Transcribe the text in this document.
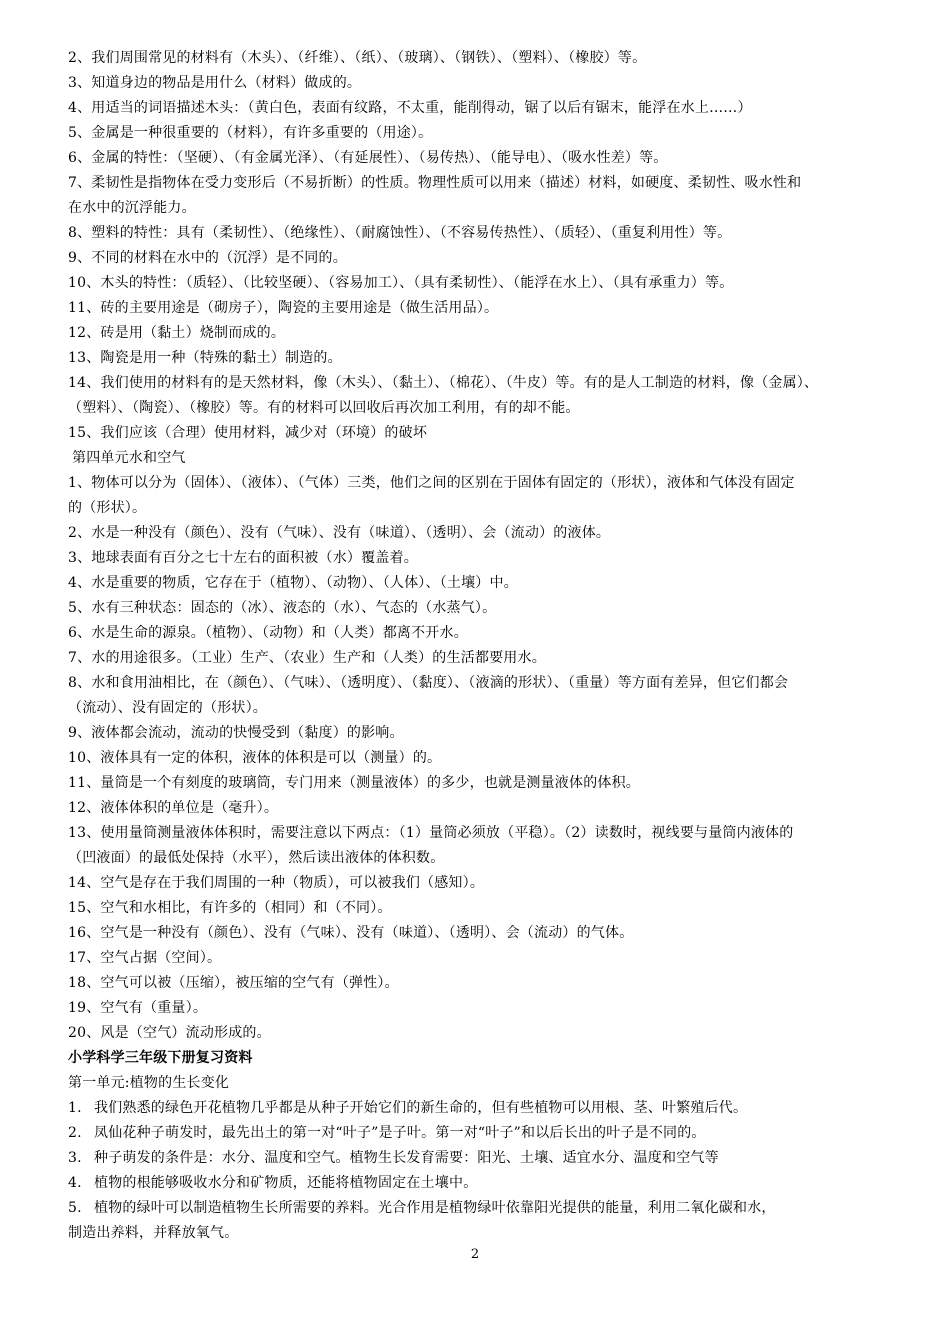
2、我们周围常见的材料有（木头）、（纤维）、（纸）、（玻璃）、（钢铁）、（塑料）、（橡胶）等。
3、知道身边的物品是用什么（材料）做成的。
4、用适当的词语描述木头：（黄白色，表面有纹路，不太重，能削得动，锯了以后有锯末，能浮在水上……）
5、金属是一种很重要的（材料），有许多重要的（用途）。
6、金属的特性：（坚硬）、（有金属光泽）、（有延展性）、（易传热）、（能导电）、（吸水性差）等。
7、柔韧性是指物体在受力变形后（不易折断）的性质。物理性质可以用来（描述）材料，如硬度、柔韧性、吸水性和
在水中的沉浮能力。
8、塑料的特性：具有（柔韧性）、（绝缘性）、（耐腐蚀性）、（不容易传热性）、（质轻）、（重复利用性）等。
9、不同的材料在水中的（沉浮）是不同的。
10、木头的特性：（质轻）、（比较坚硬）、（容易加工）、（具有柔韧性）、（能浮在水上）、（具有承重力）等。
11、砖的主要用途是（砌房子），陶瓷的主要用途是（做生活用品）。
12、砖是用（黏土）烧制而成的。
13、陶瓷是用一种（特殊的黏土）制造的。
14、我们使用的材料有的是天然材料，像（木头）、（黏土）、（棉花）、（牛皮）等。有的是人工制造的材料，像（金属）、
（塑料）、（陶瓷）、（橡胶）等。有的材料可以回收后再次加工利用，有的却不能。
15、我们应该（合理）使用材料，减少对（环境）的破坏
第四单元水和空气
1、物体可以分为（固体）、（液体）、（气体）三类，他们之间的区别在于固体有固定的（形状），液体和气体没有固定
的（形状）。
2、水是一种没有（颜色）、没有（气味）、没有（味道）、（透明）、会（流动）的液体。
3、地球表面有百分之七十左右的面积被（水）覆盖着。
4、水是重要的物质，它存在于（植物）、（动物）、（人体）、（土壤）中。
5、水有三种状态：固态的（冰）、液态的（水）、气态的（水蒸气）。
6、水是生命的源泉。（植物）、（动物）和（人类）都离不开水。
7、水的用途很多。（工业）生产、（农业）生产和（人类）的生活都要用水。
8、水和食用油相比，在（颜色）、（气味）、（透明度）、（黏度）、（液滴的形状）、（重量）等方面有差异，但它们都会
（流动）、没有固定的（形状）。
9、液体都会流动，流动的快慢受到（黏度）的影响。
10、液体具有一定的体积，液体的体积是可以（测量）的。
11、量筒是一个有刻度的玻璃筒，专门用来（测量液体）的多少，也就是测量液体的体积。
12、液体体积的单位是（毫升）。
13、使用量筒测量液体体积时，需要注意以下两点：（1）量筒必须放（平稳）。（2）读数时，视线要与量筒内液体的
（凹液面）的最低处保持（水平），然后读出液体的体积数。
14、空气是存在于我们周围的一种（物质），可以被我们（感知）。
15、空气和水相比，有许多的（相同）和（不同）。
16、空气是一种没有（颜色）、没有（气味）、没有（味道）、（透明）、会（流动）的气体。
17、空气占据（空间）。
18、空气可以被（压缩），被压缩的空气有（弹性）。
19、空气有（重量）。
20、风是（空气）流动形成的。
小学科学三年级下册复习资料
第一单元:植物的生长变化
1. 我们熟悉的绿色开花植物几乎都是从种子开始它们的新生命的，但有些植物可以用根、茎、叶繁殖后代。
2. 凤仙花种子萌发时，最先出土的第一对“叶子”是子叶。第一对“叶子”和以后长出的叶子是不同的。
3. 种子萌发的条件是：水分、温度和空气。植物生长发育需要：阳光、土壤、适宜水分、温度和空气等
4. 植物的根能够吸收水分和矿物质，还能将植物固定在土壤中。
5. 植物的绿叶可以制造植物生长所需要的养料。光合作用是植物绿叶依靠阳光提供的能量，利用二氧化碳和水，
制造出养料，并释放氧气。
2
